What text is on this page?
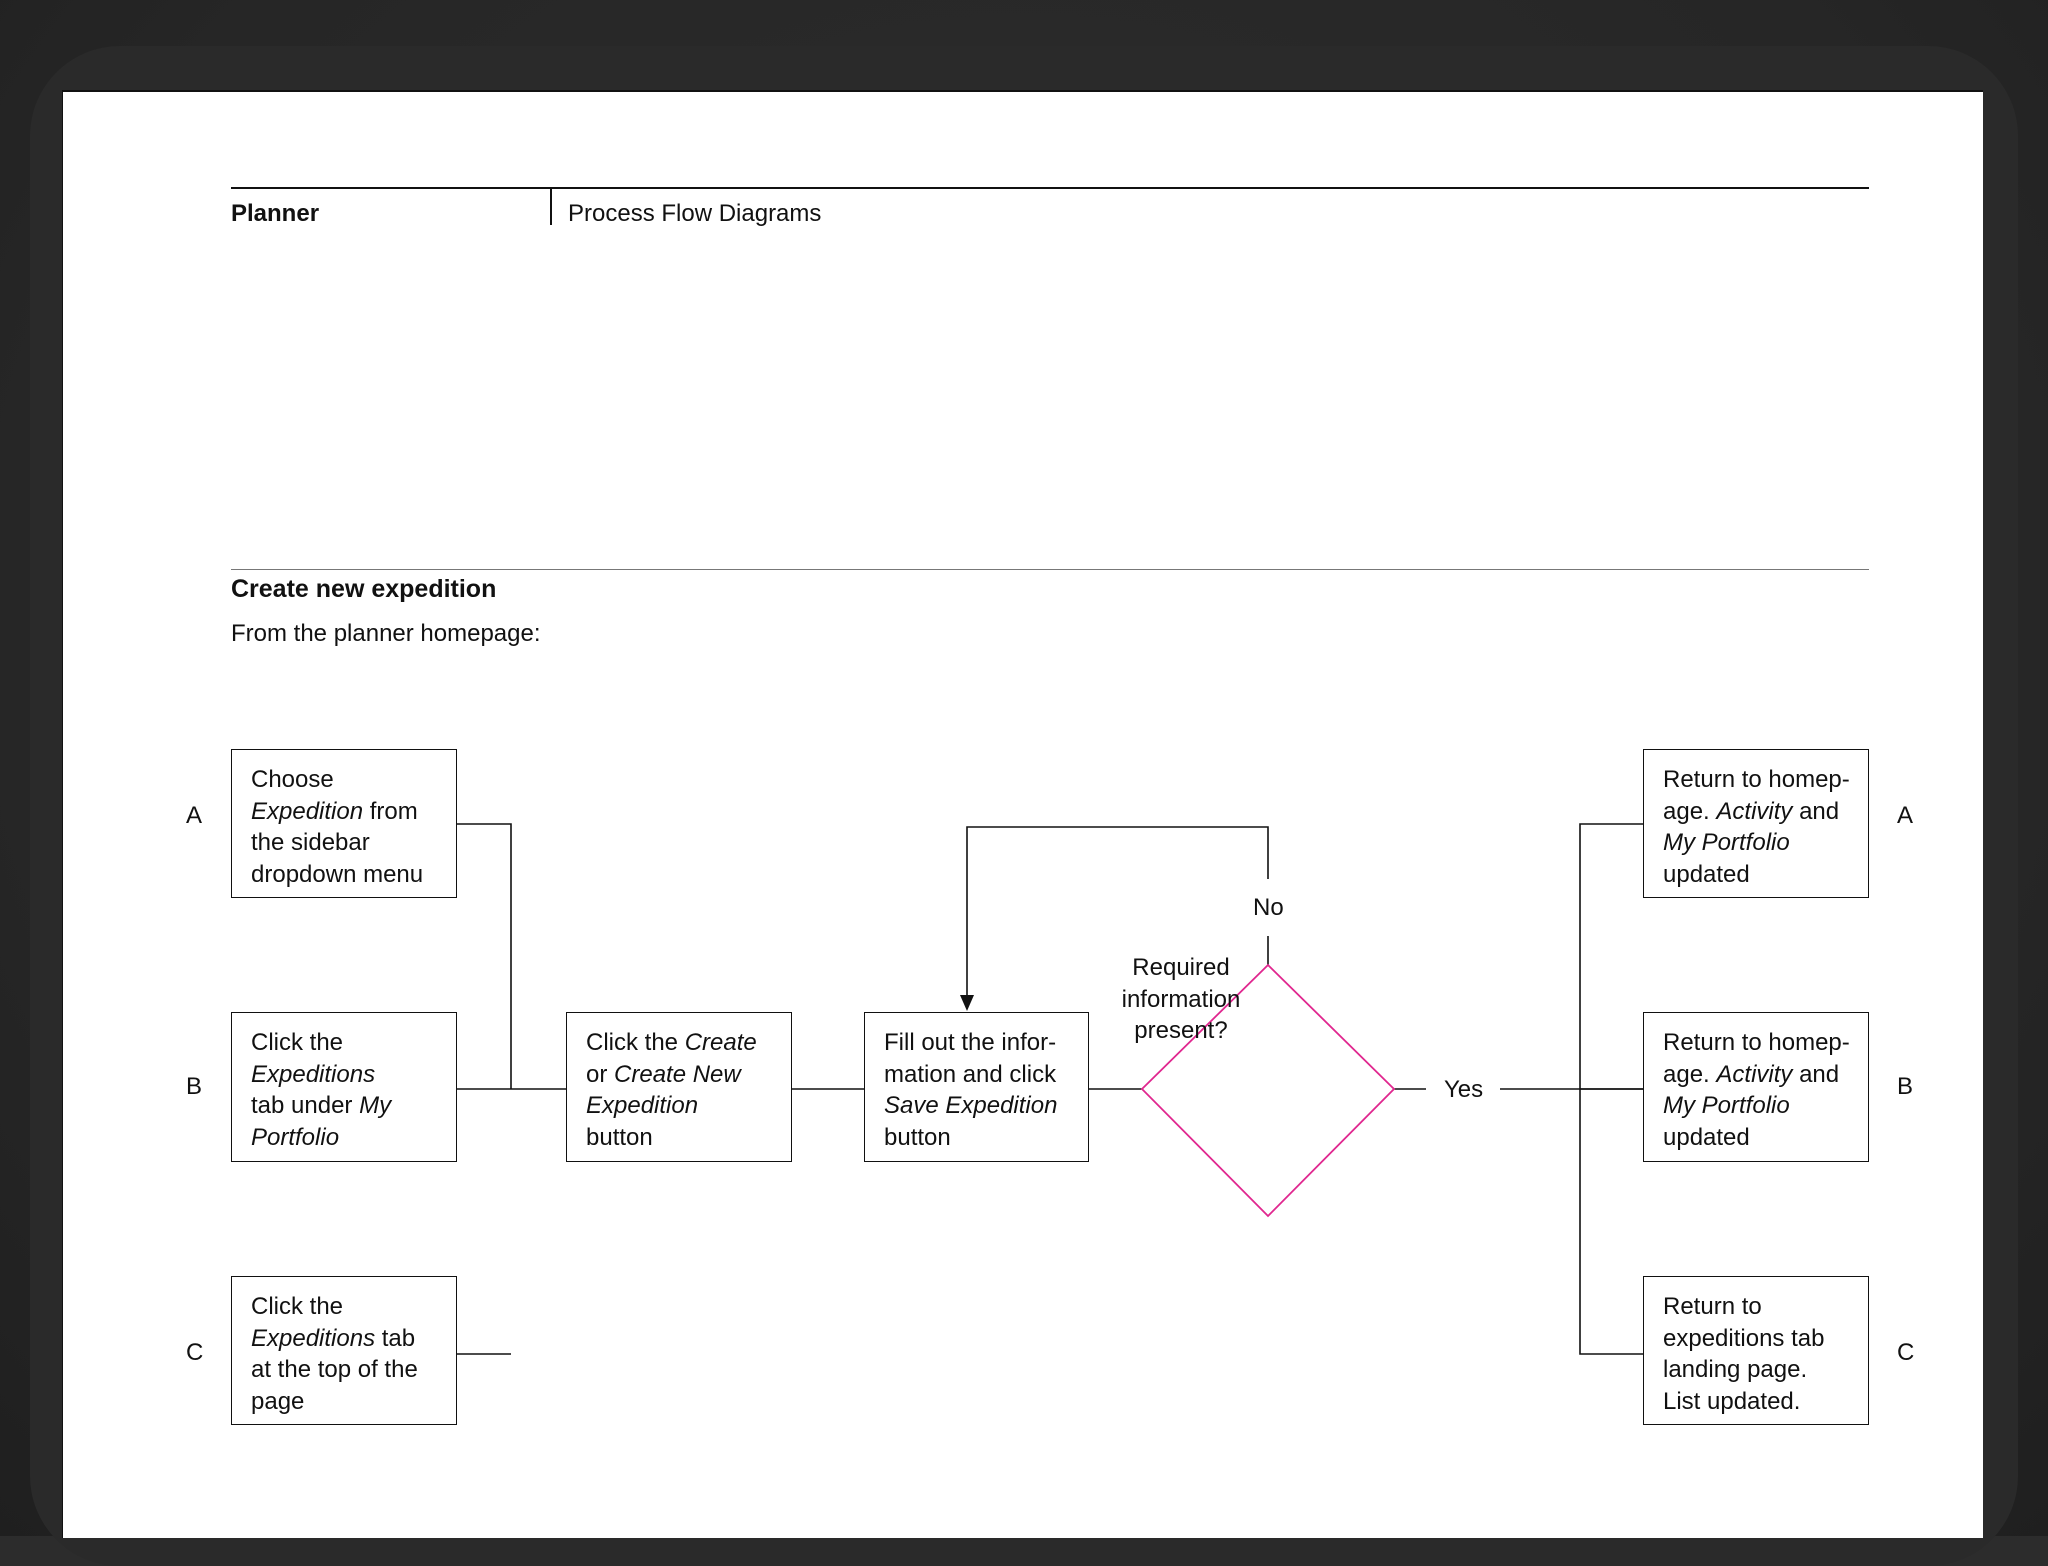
Planner	Process Flow Diagrams
Create new expedition
From the planner homepage:
A
B
C
Choose
Expedition from
the sidebar
dropdown menu
Click the
Expeditions
tab under My
Portfolio
Click the
Expeditions tab
at the top of the
page
Click the Create
or Create New
Expedition
button
Fill out the infor-
mation and click
Save Expedition
button
Required
information
present?
No
Yes
Return to homep-
age. Activity and
My Portfolio
updated
Return to homep-
age. Activity and
My Portfolio
updated
Return to
expeditions tab
landing page.
List updated.
A
B
C
